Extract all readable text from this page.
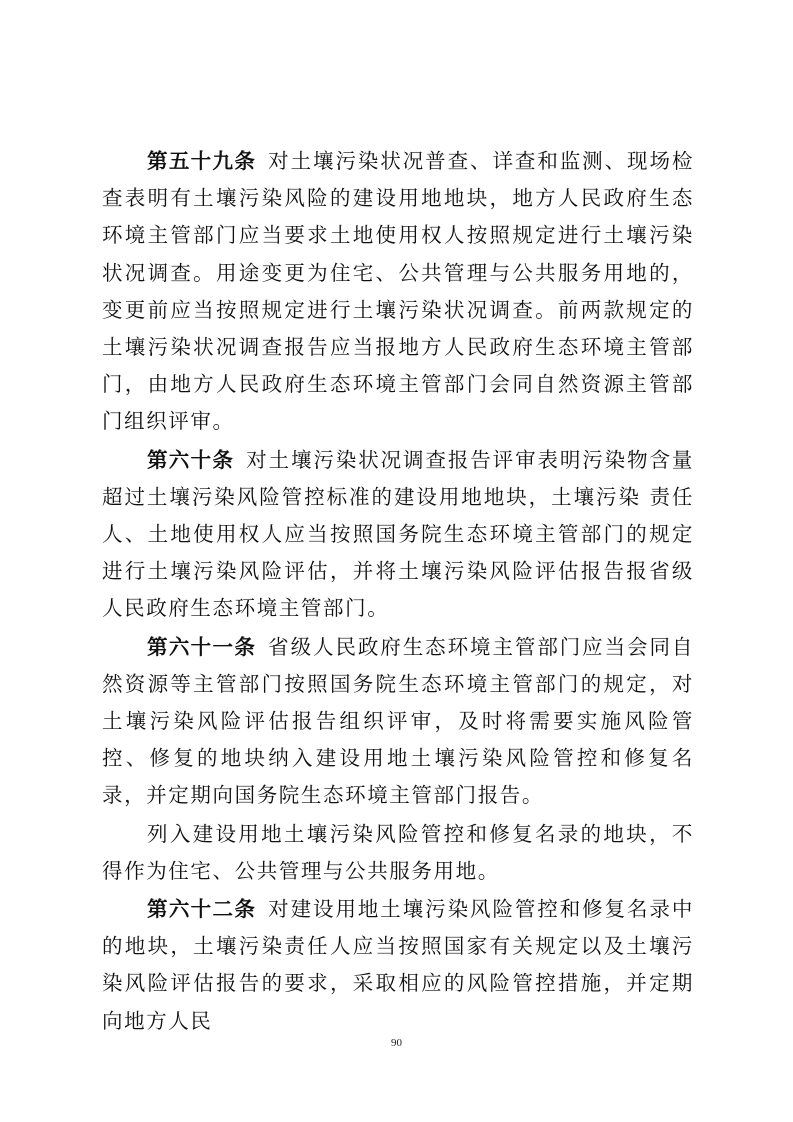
第五十九条 对土壤污染状况普查、详查和监测、现场检查表明有土壤污染风险的建设用地地块，地方人民政府生态环境主管部门应当要求土地使用权人按照规定进行土壤污染状况调查。用途变更为住宅、公共管理与公共服务用地的，变更前应当按照规定进行土壤污染状况调查。前两款规定的土壤污染状况调查报告应当报地方人民政府生态环境主管部门，由地方人民政府生态环境主管部门会同自然资源主管部门组织评审。

第六十条 对土壤污染状况调查报告评审表明污染物含量超过土壤污染风险管控标准的建设用地地块，土壤污染 责任人、土地使用权人应当按照国务院生态环境主管部门的规定进行土壤污染风险评估，并将土壤污染风险评估报告报省级人民政府生态环境主管部门。

第六十一条 省级人民政府生态环境主管部门应当会同自然资源等主管部门按照国务院生态环境主管部门的规定，对土壤污染风险评估报告组织评审，及时将需要实施风险管控、修复的地块纳入建设用地土壤污染风险管控和修复名录，并定期向国务院生态环境主管部门报告。

列入建设用地土壤污染风险管控和修复名录的地块，不得作为住宅、公共管理与公共服务用地。

第六十二条 对建设用地土壤污染风险管控和修复名录中的地块，土壤污染责任人应当按照国家有关规定以及土壤污染风险评估报告的要求，采取相应的风险管控措施，并定期向地方人民

90
